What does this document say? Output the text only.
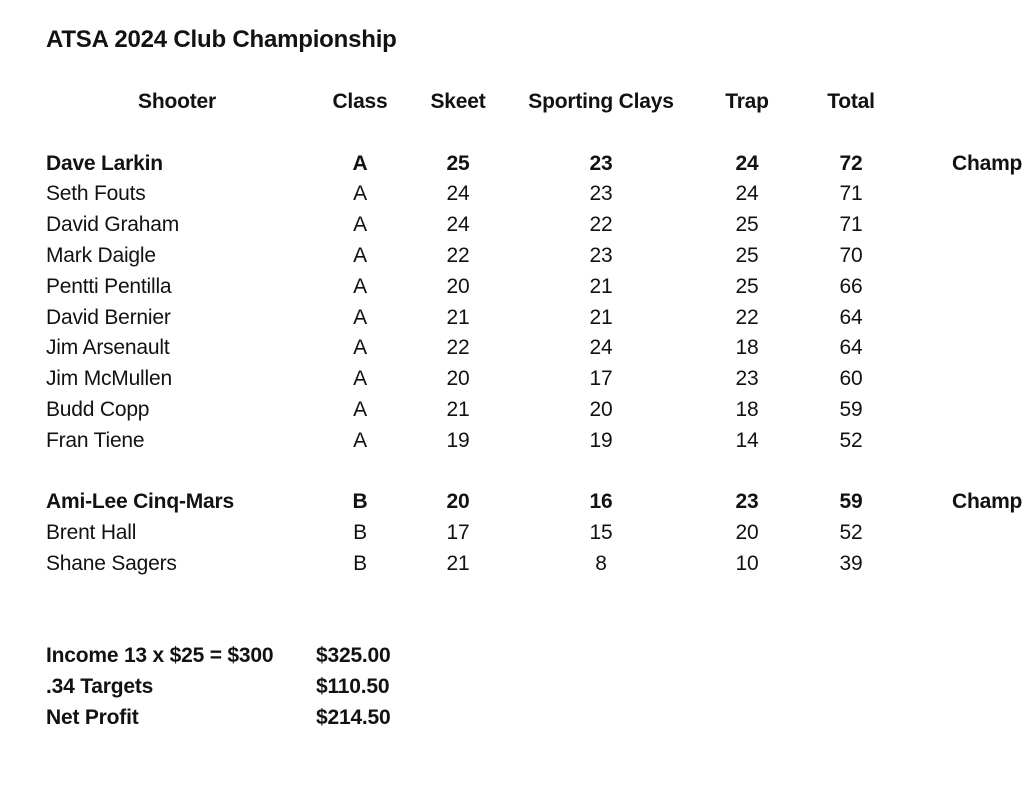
ATSA 2024 Club Championship
Shooter	Class	Skeet	Sporting Clays	Trap	Total
Dave Larkin	A	25	23	24	72	Champ
Seth Fouts	A	24	23	24	71
David Graham	A	24	22	25	71
Mark Daigle	A	22	23	25	70
Pentti Pentilla	A	20	21	25	66
David Bernier	A	21	21	22	64
Jim Arsenault	A	22	24	18	64
Jim McMullen	A	20	17	23	60
Budd Copp	A	21	20	18	59
Fran Tiene	A	19	19	14	52
Ami-Lee Cinq-Mars	B	20	16	23	59	Champ
Brent Hall	B	17	15	20	52
Shane Sagers	B	21	8	10	39
Income 13 x $25 = $300	$325.00
.34 Targets	$110.50
Net Profit	$214.50
